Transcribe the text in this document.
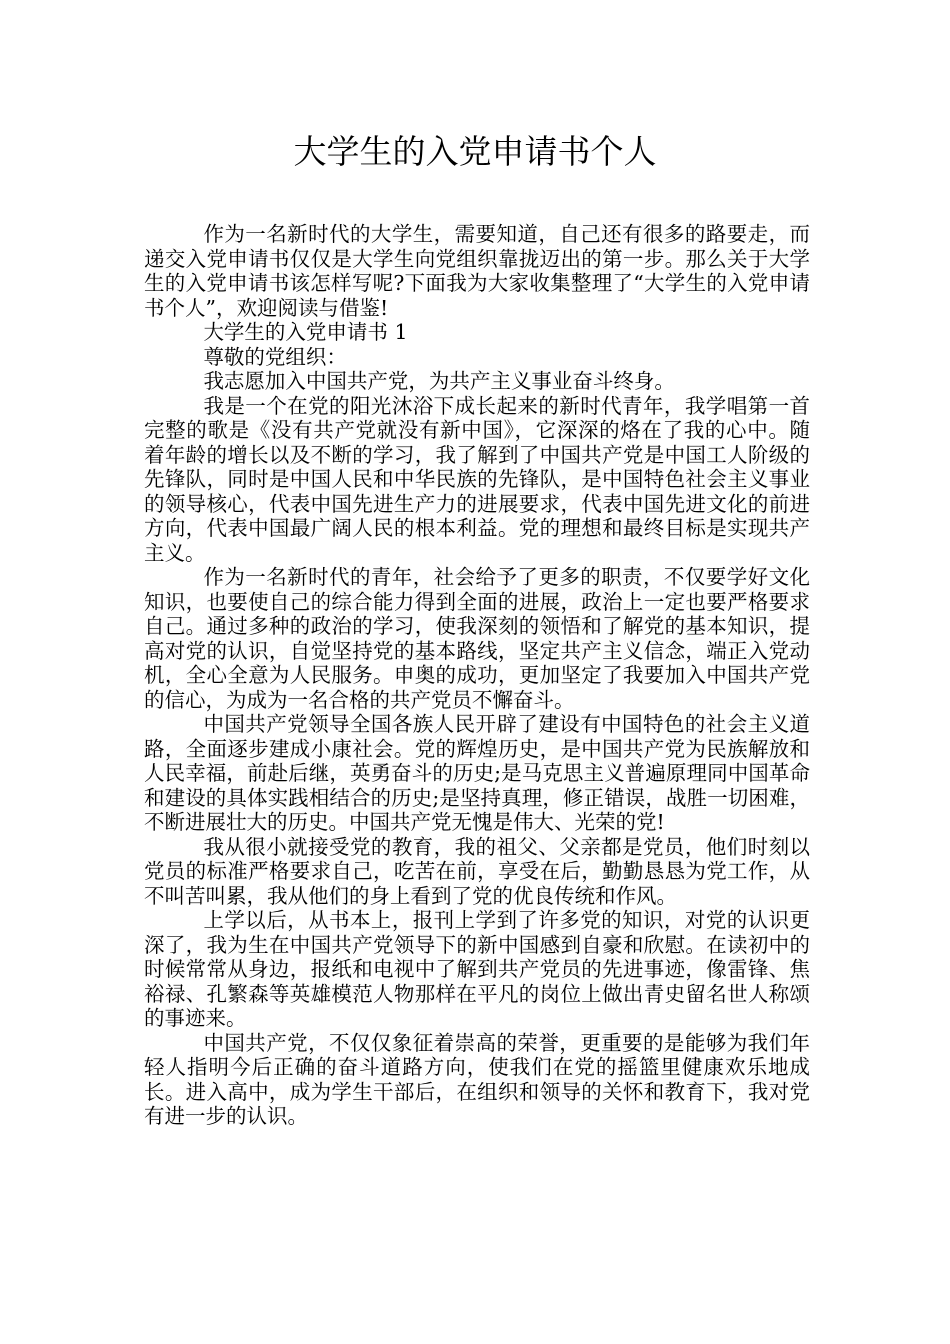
大学生的入党申请书个人

作为一名新时代的大学生，需要知道，自己还有很多的路要走，而递交入党申请书仅仅是大学生向党组织靠拢迈出的第一步。那么关于大学生的入党申请书该怎样写呢?下面我为大家收集整理了“大学生的入党申请书个人”，欢迎阅读与借鉴!

大学生的入党申请书 1

尊敬的党组织：

我志愿加入中国共产党，为共产主义事业奋斗终身。

我是一个在党的阳光沐浴下成长起来的新时代青年，我学唱第一首完整的歌是《没有共产党就没有新中国》，它深深的烙在了我的心中。随着年龄的增长以及不断的学习，我了解到了中国共产党是中国工人阶级的先锋队，同时是中国人民和中华民族的先锋队，是中国特色社会主义事业的领导核心，代表中国先进生产力的进展要求，代表中国先进文化的前进方向，代表中国最广阔人民的根本利益。党的理想和最终目标是实现共产主义。

作为一名新时代的青年，社会给予了更多的职责，不仅要学好文化知识，也要使自己的综合能力得到全面的进展，政治上一定也要严格要求自己。通过多种的政治的学习，使我深刻的领悟和了解党的基本知识，提高对党的认识，自觉坚持党的基本路线，坚定共产主义信念，端正入党动机，全心全意为人民服务。申奥的成功，更加坚定了我要加入中国共产党的信心，为成为一名合格的共产党员不懈奋斗。

中国共产党领导全国各族人民开辟了建设有中国特色的社会主义道路，全面逐步建成小康社会。党的辉煌历史，是中国共产党为民族解放和人民幸福，前赴后继，英勇奋斗的历史;是马克思主义普遍原理同中国革命和建设的具体实践相结合的历史;是坚持真理，修正错误，战胜一切困难，不断进展壮大的历史。中国共产党无愧是伟大、光荣的党!

我从很小就接受党的教育，我的祖父、父亲都是党员，他们时刻以党员的标准严格要求自己，吃苦在前，享受在后，勤勤恳恳为党工作，从不叫苦叫累，我从他们的身上看到了党的优良传统和作风。

上学以后，从书本上，报刊上学到了许多党的知识，对党的认识更深了，我为生在中国共产党领导下的新中国感到自豪和欣慰。在读初中的时候常常从身边，报纸和电视中了解到共产党员的先进事迹，像雷锋、焦裕禄、孔繁森等英雄模范人物那样在平凡的岗位上做出青史留名世人称颂的事迹来。

中国共产党，不仅仅象征着崇高的荣誉，更重要的是能够为我们年轻人指明今后正确的奋斗道路方向，使我们在党的摇篮里健康欢乐地成长。进入高中，成为学生干部后，在组织和领导的关怀和教育下，我对党有进一步的认识。
